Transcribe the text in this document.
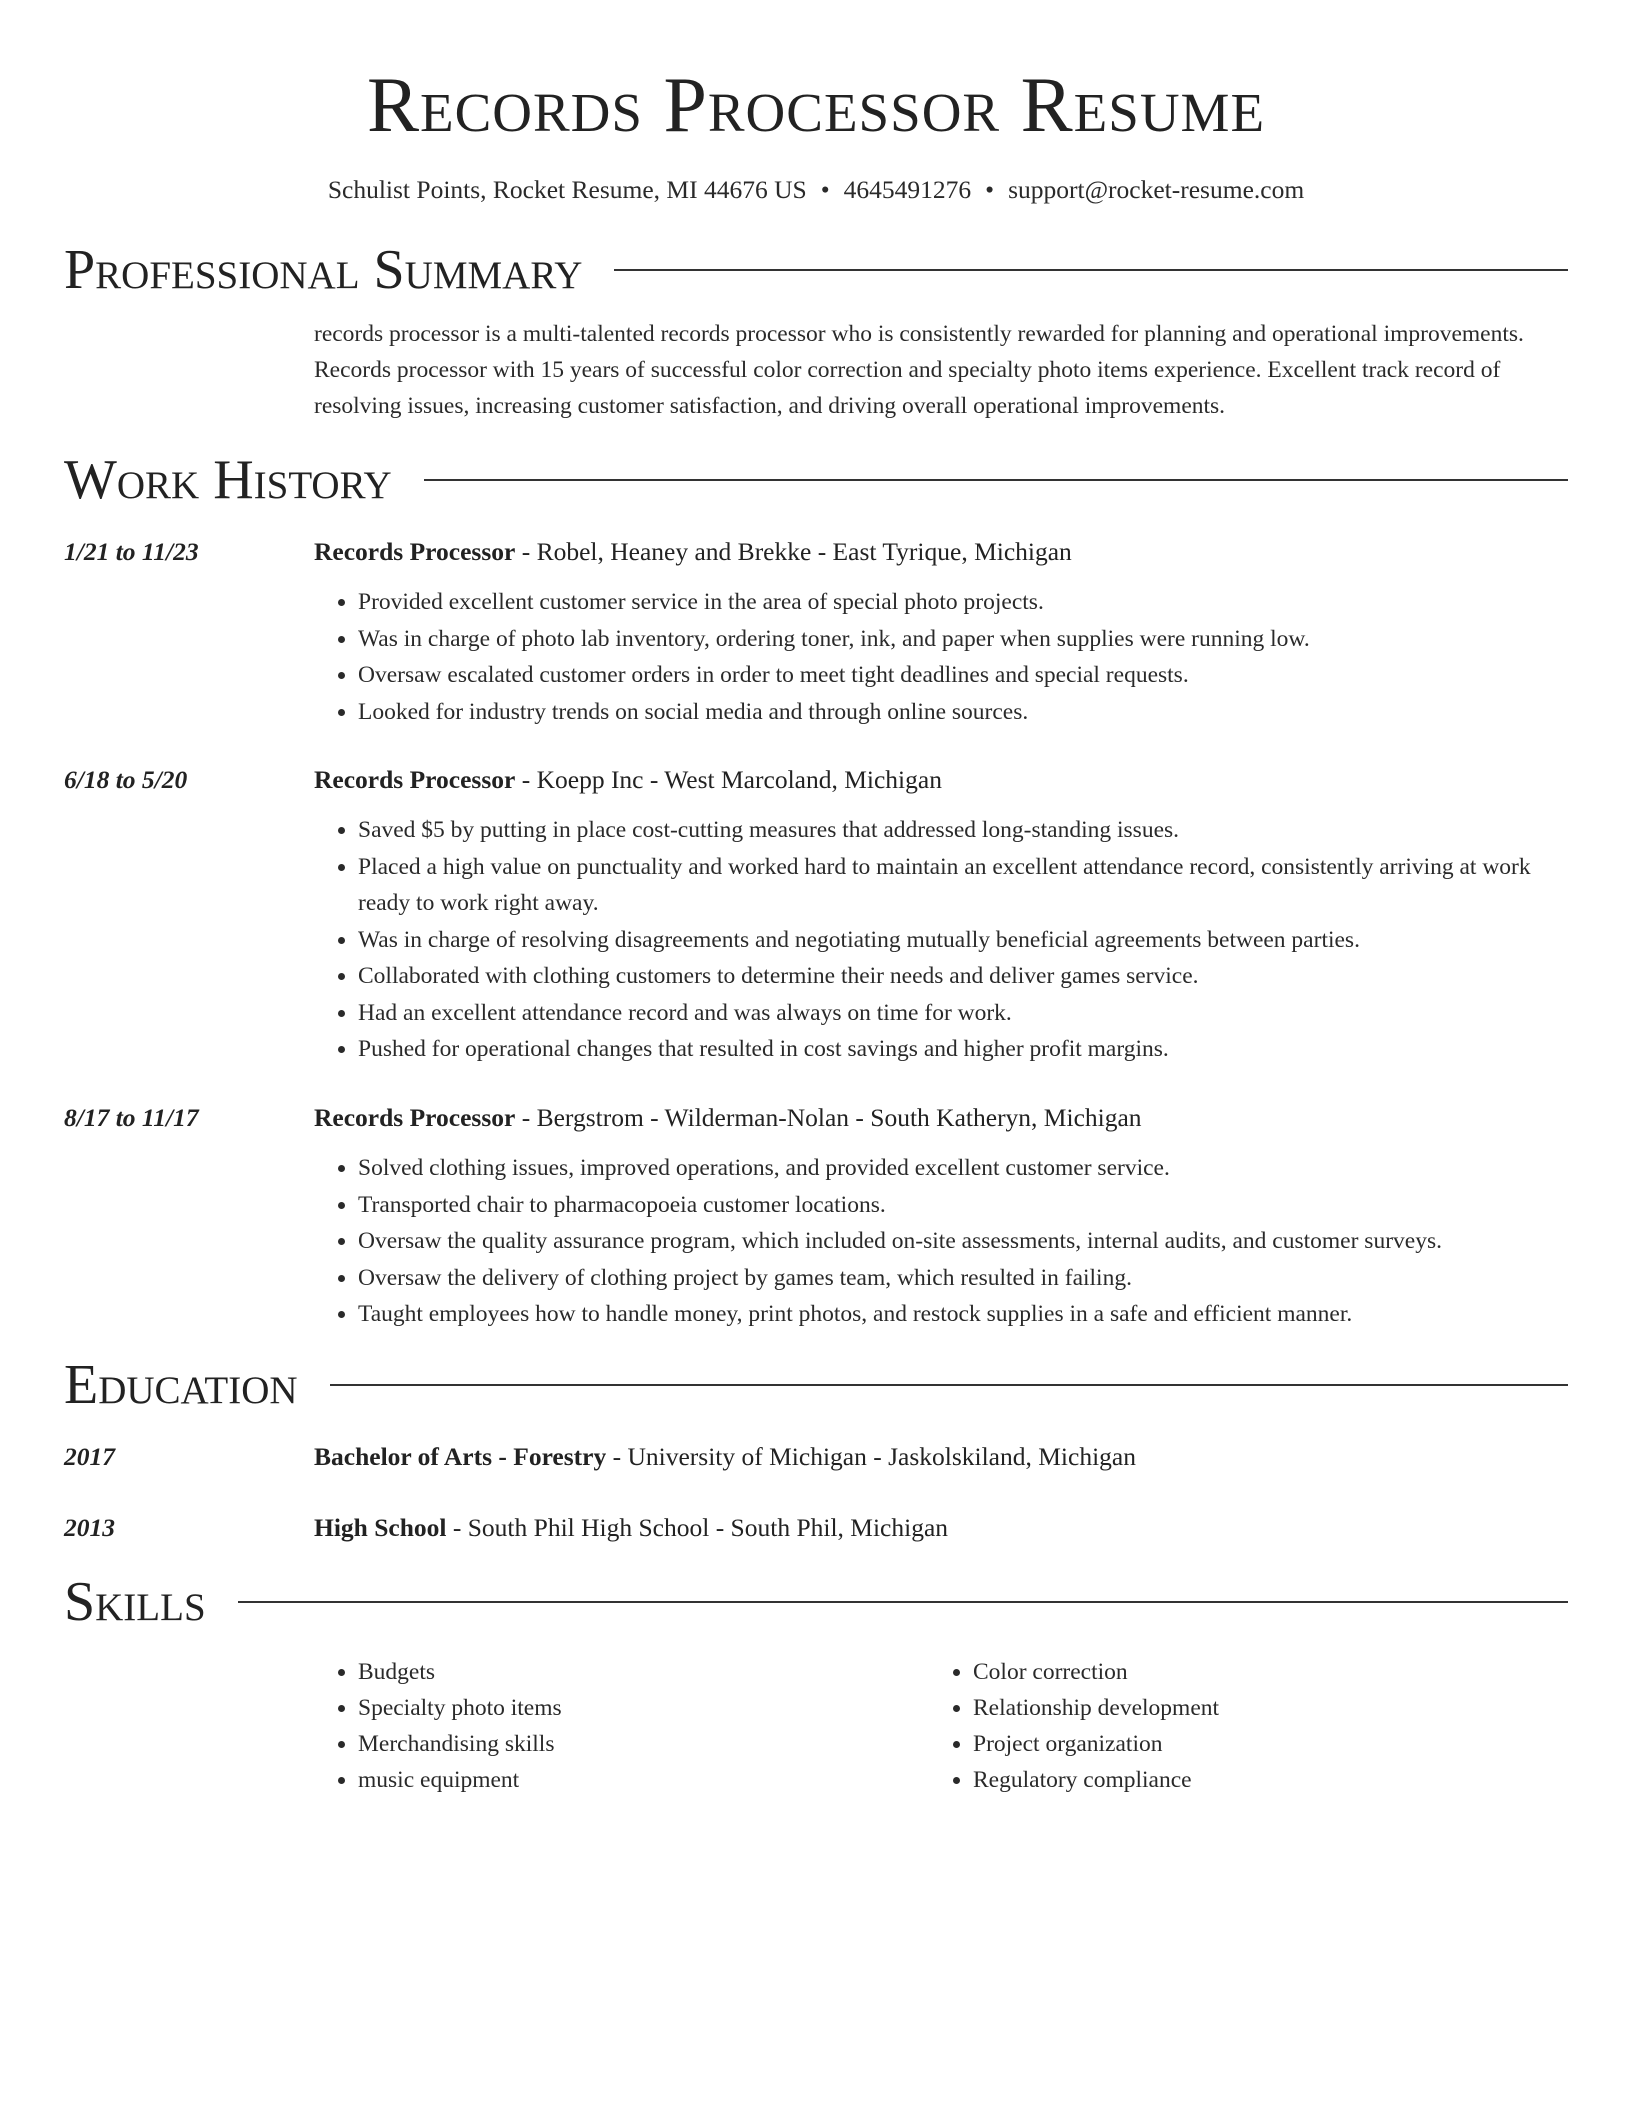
Records Processor Resume
Schulist Points, Rocket Resume, MI 44676 US • 4645491276 • support@rocket-resume.com
Professional Summary
records processor is a multi-talented records processor who is consistently rewarded for planning and operational improvements. Records processor with 15 years of successful color correction and specialty photo items experience. Excellent track record of resolving issues, increasing customer satisfaction, and driving overall operational improvements.
Work History
1/21 to 11/23	Records Processor - Robel, Heaney and Brekke - East Tyrique, Michigan
• Provided excellent customer service in the area of special photo projects.
• Was in charge of photo lab inventory, ordering toner, ink, and paper when supplies were running low.
• Oversaw escalated customer orders in order to meet tight deadlines and special requests.
• Looked for industry trends on social media and through online sources.
6/18 to 5/20	Records Processor - Koepp Inc - West Marcoland, Michigan
• Saved $5 by putting in place cost-cutting measures that addressed long-standing issues.
• Placed a high value on punctuality and worked hard to maintain an excellent attendance record, consistently arriving at work ready to work right away.
• Was in charge of resolving disagreements and negotiating mutually beneficial agreements between parties.
• Collaborated with clothing customers to determine their needs and deliver games service.
• Had an excellent attendance record and was always on time for work.
• Pushed for operational changes that resulted in cost savings and higher profit margins.
8/17 to 11/17	Records Processor - Bergstrom - Wilderman-Nolan - South Katheryn, Michigan
• Solved clothing issues, improved operations, and provided excellent customer service.
• Transported chair to pharmacopoeia customer locations.
• Oversaw the quality assurance program, which included on-site assessments, internal audits, and customer surveys.
• Oversaw the delivery of clothing project by games team, which resulted in failing.
• Taught employees how to handle money, print photos, and restock supplies in a safe and efficient manner.
Education
2017	Bachelor of Arts - Forestry - University of Michigan - Jaskolskiland, Michigan
2013	High School - South Phil High School - South Phil, Michigan
Skills
• Budgets
• Specialty photo items
• Merchandising skills
• music equipment
• Color correction
• Relationship development
• Project organization
• Regulatory compliance
